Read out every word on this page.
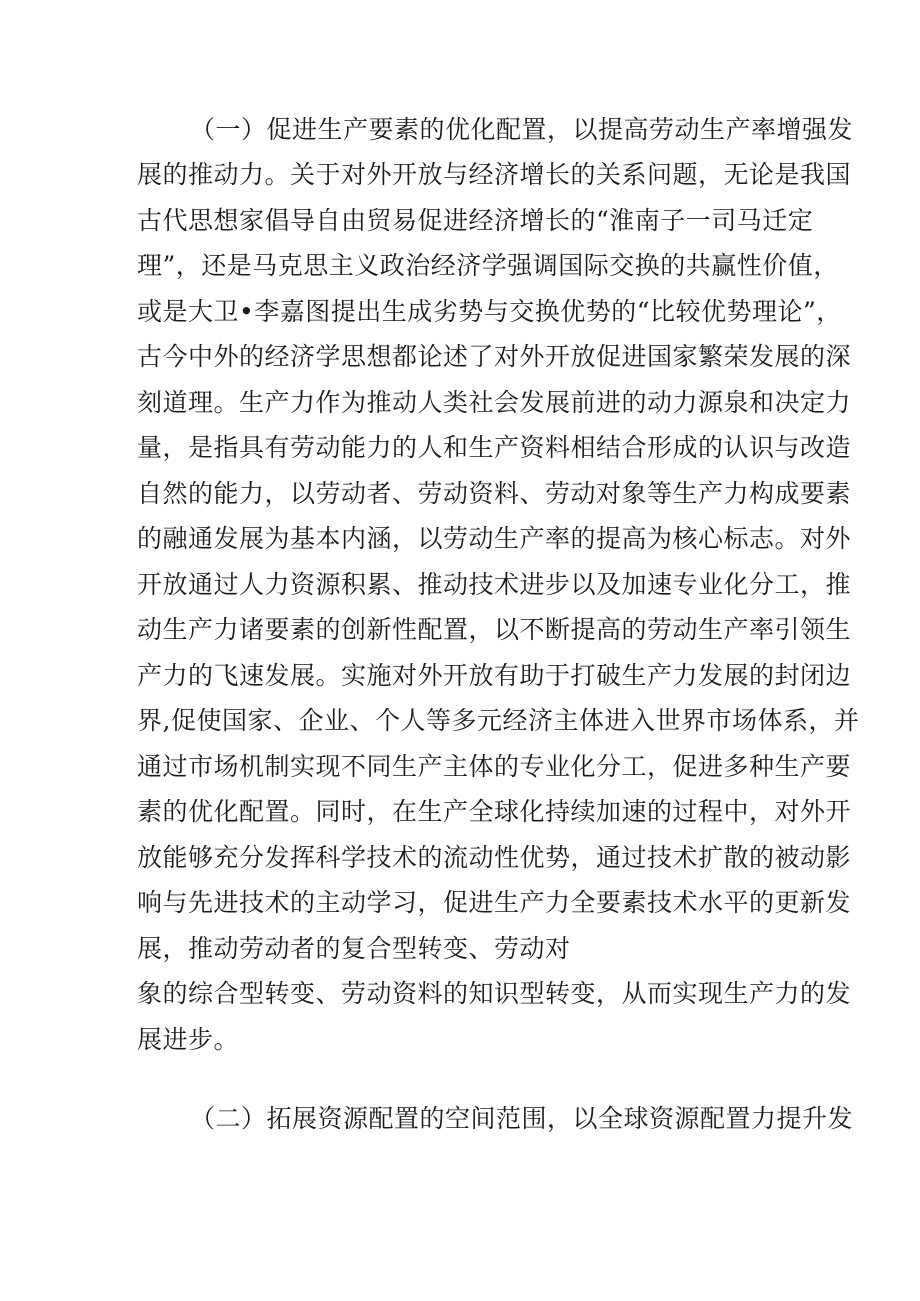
（一）促进生产要素的优化配置，以提高劳动生产率增强发
展的推动力。关于对外开放与经济增长的关系问题，无论是我国
古代思想家倡导自由贸易促进经济增长的“淮南子一司马迁定
理”，还是马克思主义政治经济学强调国际交换的共赢性价值，
或是大卫•李嘉图提出生成劣势与交换优势的“比较优势理论”，
古今中外的经济学思想都论述了对外开放促进国家繁荣发展的深
刻道理。生产力作为推动人类社会发展前进的动力源泉和决定力
量，是指具有劳动能力的人和生产资料相结合形成的认识与改造
自然的能力，以劳动者、劳动资料、劳动对象等生产力构成要素
的融通发展为基本内涵，以劳动生产率的提高为核心标志。对外
开放通过人力资源积累、推动技术进步以及加速专业化分工，推
动生产力诸要素的创新性配置，以不断提高的劳动生产率引领生
产力的飞速发展。实施对外开放有助于打破生产力发展的封闭边
界,促使国家、企业、个人等多元经济主体进入世界市场体系，并
通过市场机制实现不同生产主体的专业化分工，促进多种生产要
素的优化配置。同时，在生产全球化持续加速的过程中，对外开
放能够充分发挥科学技术的流动性优势，通过技术扩散的被动影
响与先进技术的主动学习，促进生产力全要素技术水平的更新发
展，推动劳动者的复合型转变、劳动对
象的综合型转变、劳动资料的知识型转变，从而实现生产力的发
展进步。
（二）拓展资源配置的空间范围，以全球资源配置力提升发
